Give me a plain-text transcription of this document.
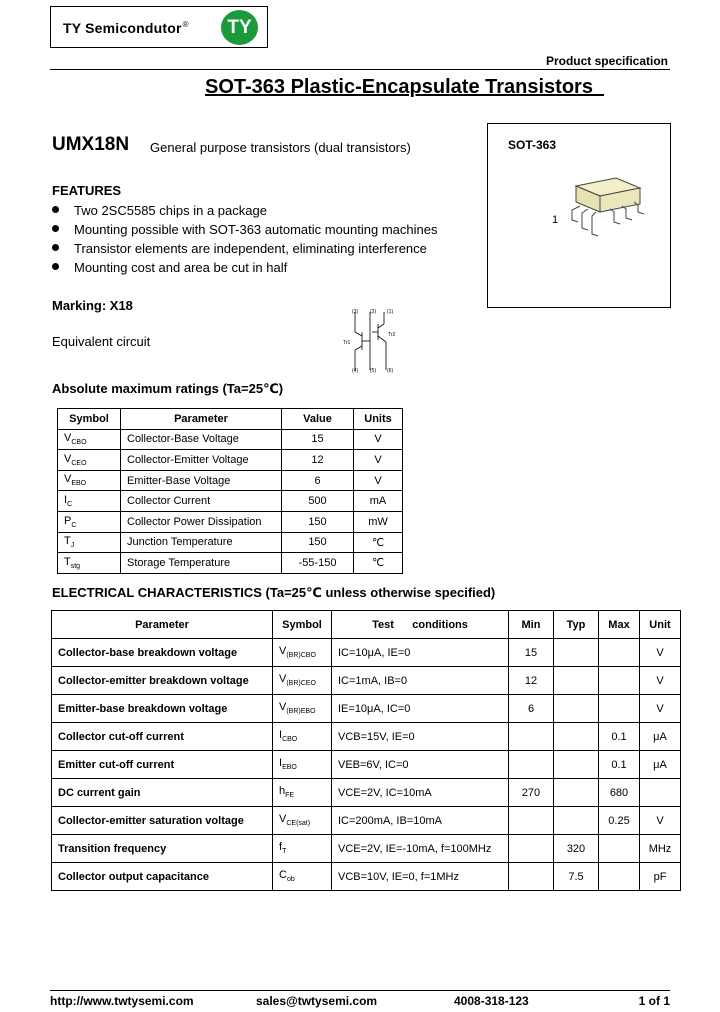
TY Semicondutor®	TY
Product specification
SOT-363 Plastic-Encapsulate Transistors
UMX18N General purpose transistors (dual transistors)	SOT-363
1
FEATURES
Two 2SC5585 chips in a package
Mounting possible with SOT-363 automatic mounting machines
Transistor elements are independent, eliminating interference
Mounting cost and area be cut in half
Marking: X18
Equivalent circuit
(3) (2) (1)
(4) (5) (6)
Tr1
Tr2
Absolute maximum ratings (Ta=25℃)
Symbol	Parameter	Value	Units
$V_{CBO}$	Collector-Base Voltage	15	V
$V_{CEO}$	Collector-Emitter Voltage	12	V
$V_{EBO}$	Emitter-Base Voltage	6	V
$I_C$	Collector Current	500	mA
$P_C$	Collector Power Dissipation	150	mW
$T_J$	Junction Temperature	150	℃
$T_{stg}$	Storage Temperature	-55-150	℃
ELECTRICAL CHARACTERISTICS (Ta=25℃ unless otherwise specified)
Parameter	Symbol	Test      conditions	Min	Typ	Max	Unit
Collector-base breakdown voltage	$V_{(BR)CBO}$	IC=10μA, IE=0	15			V
Collector-emitter breakdown voltage	$V_{(BR)CEO}$	IC=1mA, IB=0	12			V
Emitter-base breakdown voltage	$V_{(BR)EBO}$	IE=10μA, IC=0	6			V
Collector cut-off current	$I_{CBO}$	VCB=15V, IE=0			0.1	μA
Emitter cut-off current	$I_{EBO}$	VEB=6V, IC=0			0.1	μA
DC current gain	$h_{FE}$	VCE=2V, IC=10mA	270		680	
Collector-emitter saturation voltage	$V_{CE(sat)}$	IC=200mA, IB=10mA			0.25	V
Transition frequency	$f_T$	VCE=2V, IE=-10mA, f=100MHz		320		MHz
Collector output capacitance	$C_{ob}$	VCB=10V, IE=0, f=1MHz		7.5		pF
http://www.twtysemi.com	sales@twtysemi.com	4008-318-123	1 of 1
